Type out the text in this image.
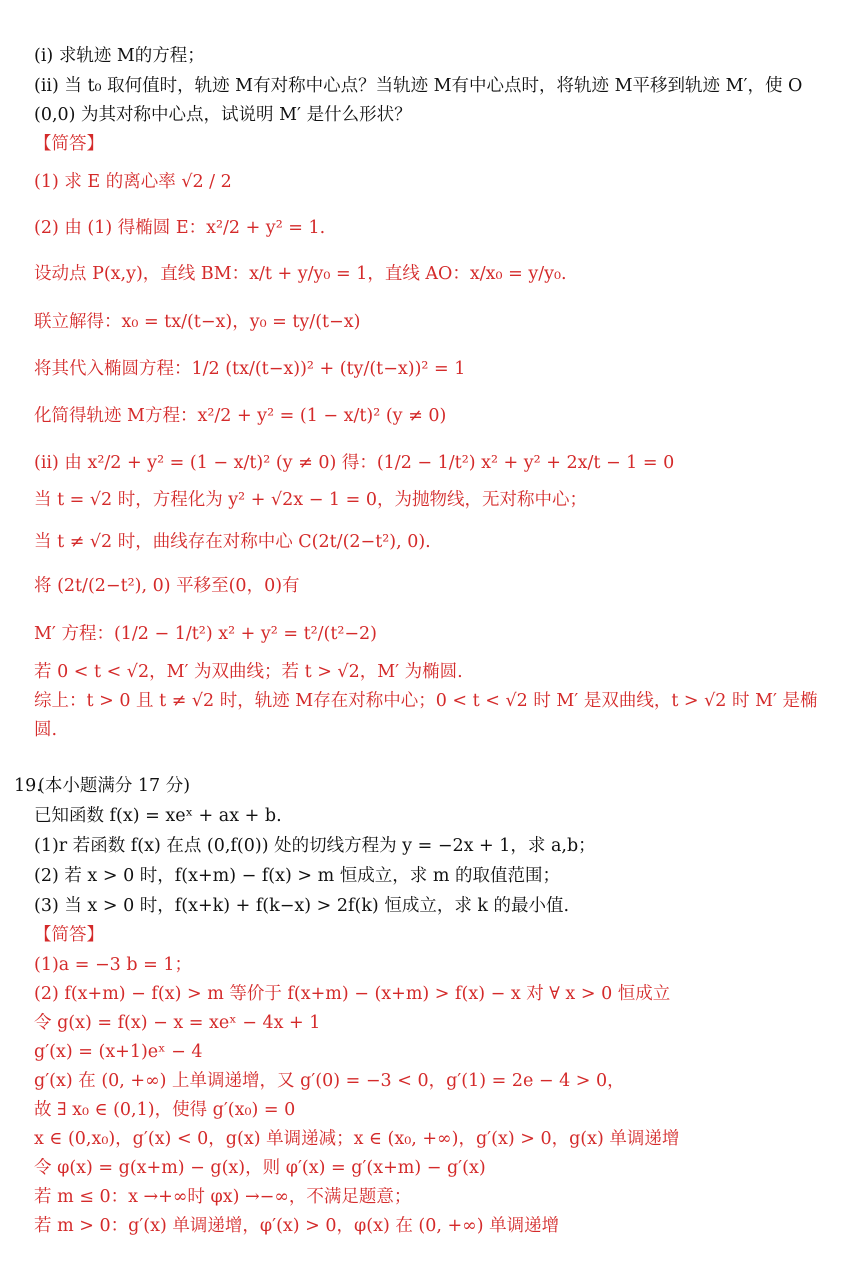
(i) 求轨迹 M的方程；
(ii) 当 t₀ 取何值时，轨迹 M有对称中心点？当轨迹 M有中心点时，将轨迹 M平移到轨迹 M′，使 O
(0,0) 为其对称中心点，试说明 M′ 是什么形状？
【简答】
(1) 求 E 的离心率 √2 / 2
(2) 由 (1) 得椭圆 E：x²/2 + y² = 1.
设动点 P(x,y)，直线 BM：x/t + y/y₀ = 1，直线 AO：x/x₀ = y/y₀.
联立解得：x₀ = tx/(t−x)，y₀ = ty/(t−x)
将其代入椭圆方程：1/2 (tx/(t−x))² + (ty/(t−x))² = 1
化简得轨迹 M方程：x²/2 + y² = (1 − x/t)² (y ≠ 0)
(ii) 由 x²/2 + y² = (1 − x/t)² (y ≠ 0) 得：(1/2 − 1/t²) x² + y² + 2x/t − 1 = 0
当 t = √2 时，方程化为 y² + √2x − 1 = 0，为抛物线，无对称中心；
当 t ≠ √2 时，曲线存在对称中心 C(2t/(2−t²), 0).
将 (2t/(2−t²), 0) 平移至(0，0)有
M′ 方程：(1/2 − 1/t²) x² + y² = t²/(t²−2)
若 0 < t < √2，M′ 为双曲线；若 t > √2，M′ 为椭圆.
综上：t > 0 且 t ≠ √2 时，轨迹 M存在对称中心；0 < t < √2 时 M′ 是双曲线，t > √2 时 M′ 是椭
圆.
19.
(本小题满分 17 分)
已知函数 f(x) = xeˣ + ax + b.
(1)r 若函数 f(x) 在点 (0,f(0)) 处的切线方程为 y = −2x + 1，求 a,b；
(2) 若 x > 0 时，f(x+m) − f(x) > m 恒成立，求 m 的取值范围；
(3) 当 x > 0 时，f(x+k) + f(k−x) > 2f(k) 恒成立，求 k 的最小值.
【简答】
(1)a = −3 b = 1；
(2) f(x+m) − f(x) > m 等价于 f(x+m) − (x+m) > f(x) − x 对 ∀ x > 0 恒成立
令 g(x) = f(x) − x = xeˣ − 4x + 1
g′(x) = (x+1)eˣ − 4
g′(x) 在 (0, +∞) 上单调递增，又 g′(0) = −3 < 0，g′(1) = 2e − 4 > 0，
故 ∃ x₀ ∈ (0,1)，使得 g′(x₀) = 0
x ∈ (0,x₀)，g′(x) < 0，g(x) 单调递减；x ∈ (x₀, +∞)，g′(x) > 0，g(x) 单调递增
令 φ(x) = g(x+m) − g(x)，则 φ′(x) = g′(x+m) − g′(x)
若 m ≤ 0：x →+∞时 φx) →−∞，不满足题意；
若 m > 0：g′(x) 单调递增，φ′(x) > 0，φ(x) 在 (0, +∞) 单调递增
